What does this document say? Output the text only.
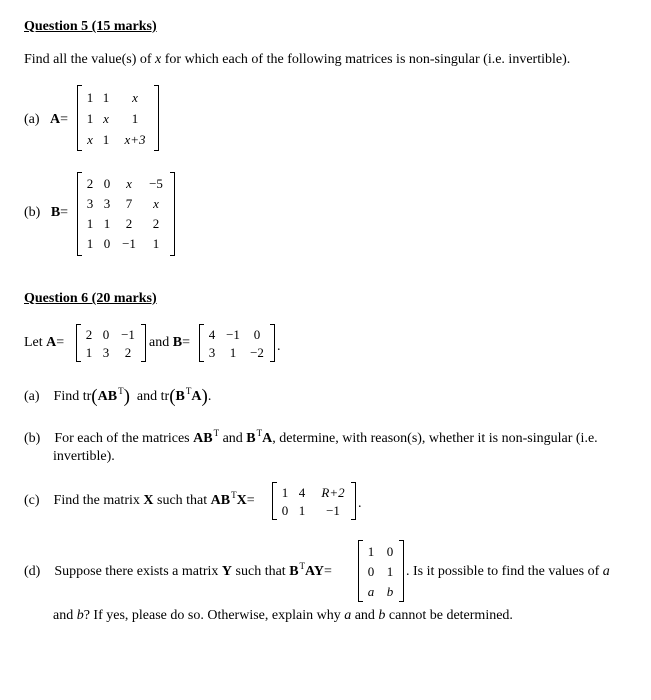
Question 5 (15 marks)
Find all the value(s) of x for which each of the following matrices is non-singular (i.e. invertible).
(a) A=
1 1	x
1 x	1
x 1	x+3
(b) B=
2 0	x	−5
3 3	7	x
1 1	2	2
1 0 −1	1
Question 6 (20 marks)
Let A=
2 0 −1
1 3	2
and B=
4 −1	0
3	1	−2 .
(a) Find $tr(AB^T)$ and $tr(B^TA)$.
(b) For each of the matrices $AB^T$ and $B^TA$, determine, with reason(s), whether it is non-singular (i.e.
invertible).
(c) Find the matrix X such that $AB^TX=$
1 4	R+2
0 1	−1	.
(d) Suppose there exists a matrix Y such that $B^TAY=$
1 0
0 1
a b
. Is it possible to find the values of a
and b? If yes, please do so. Otherwise, explain why a and b cannot be determined.
